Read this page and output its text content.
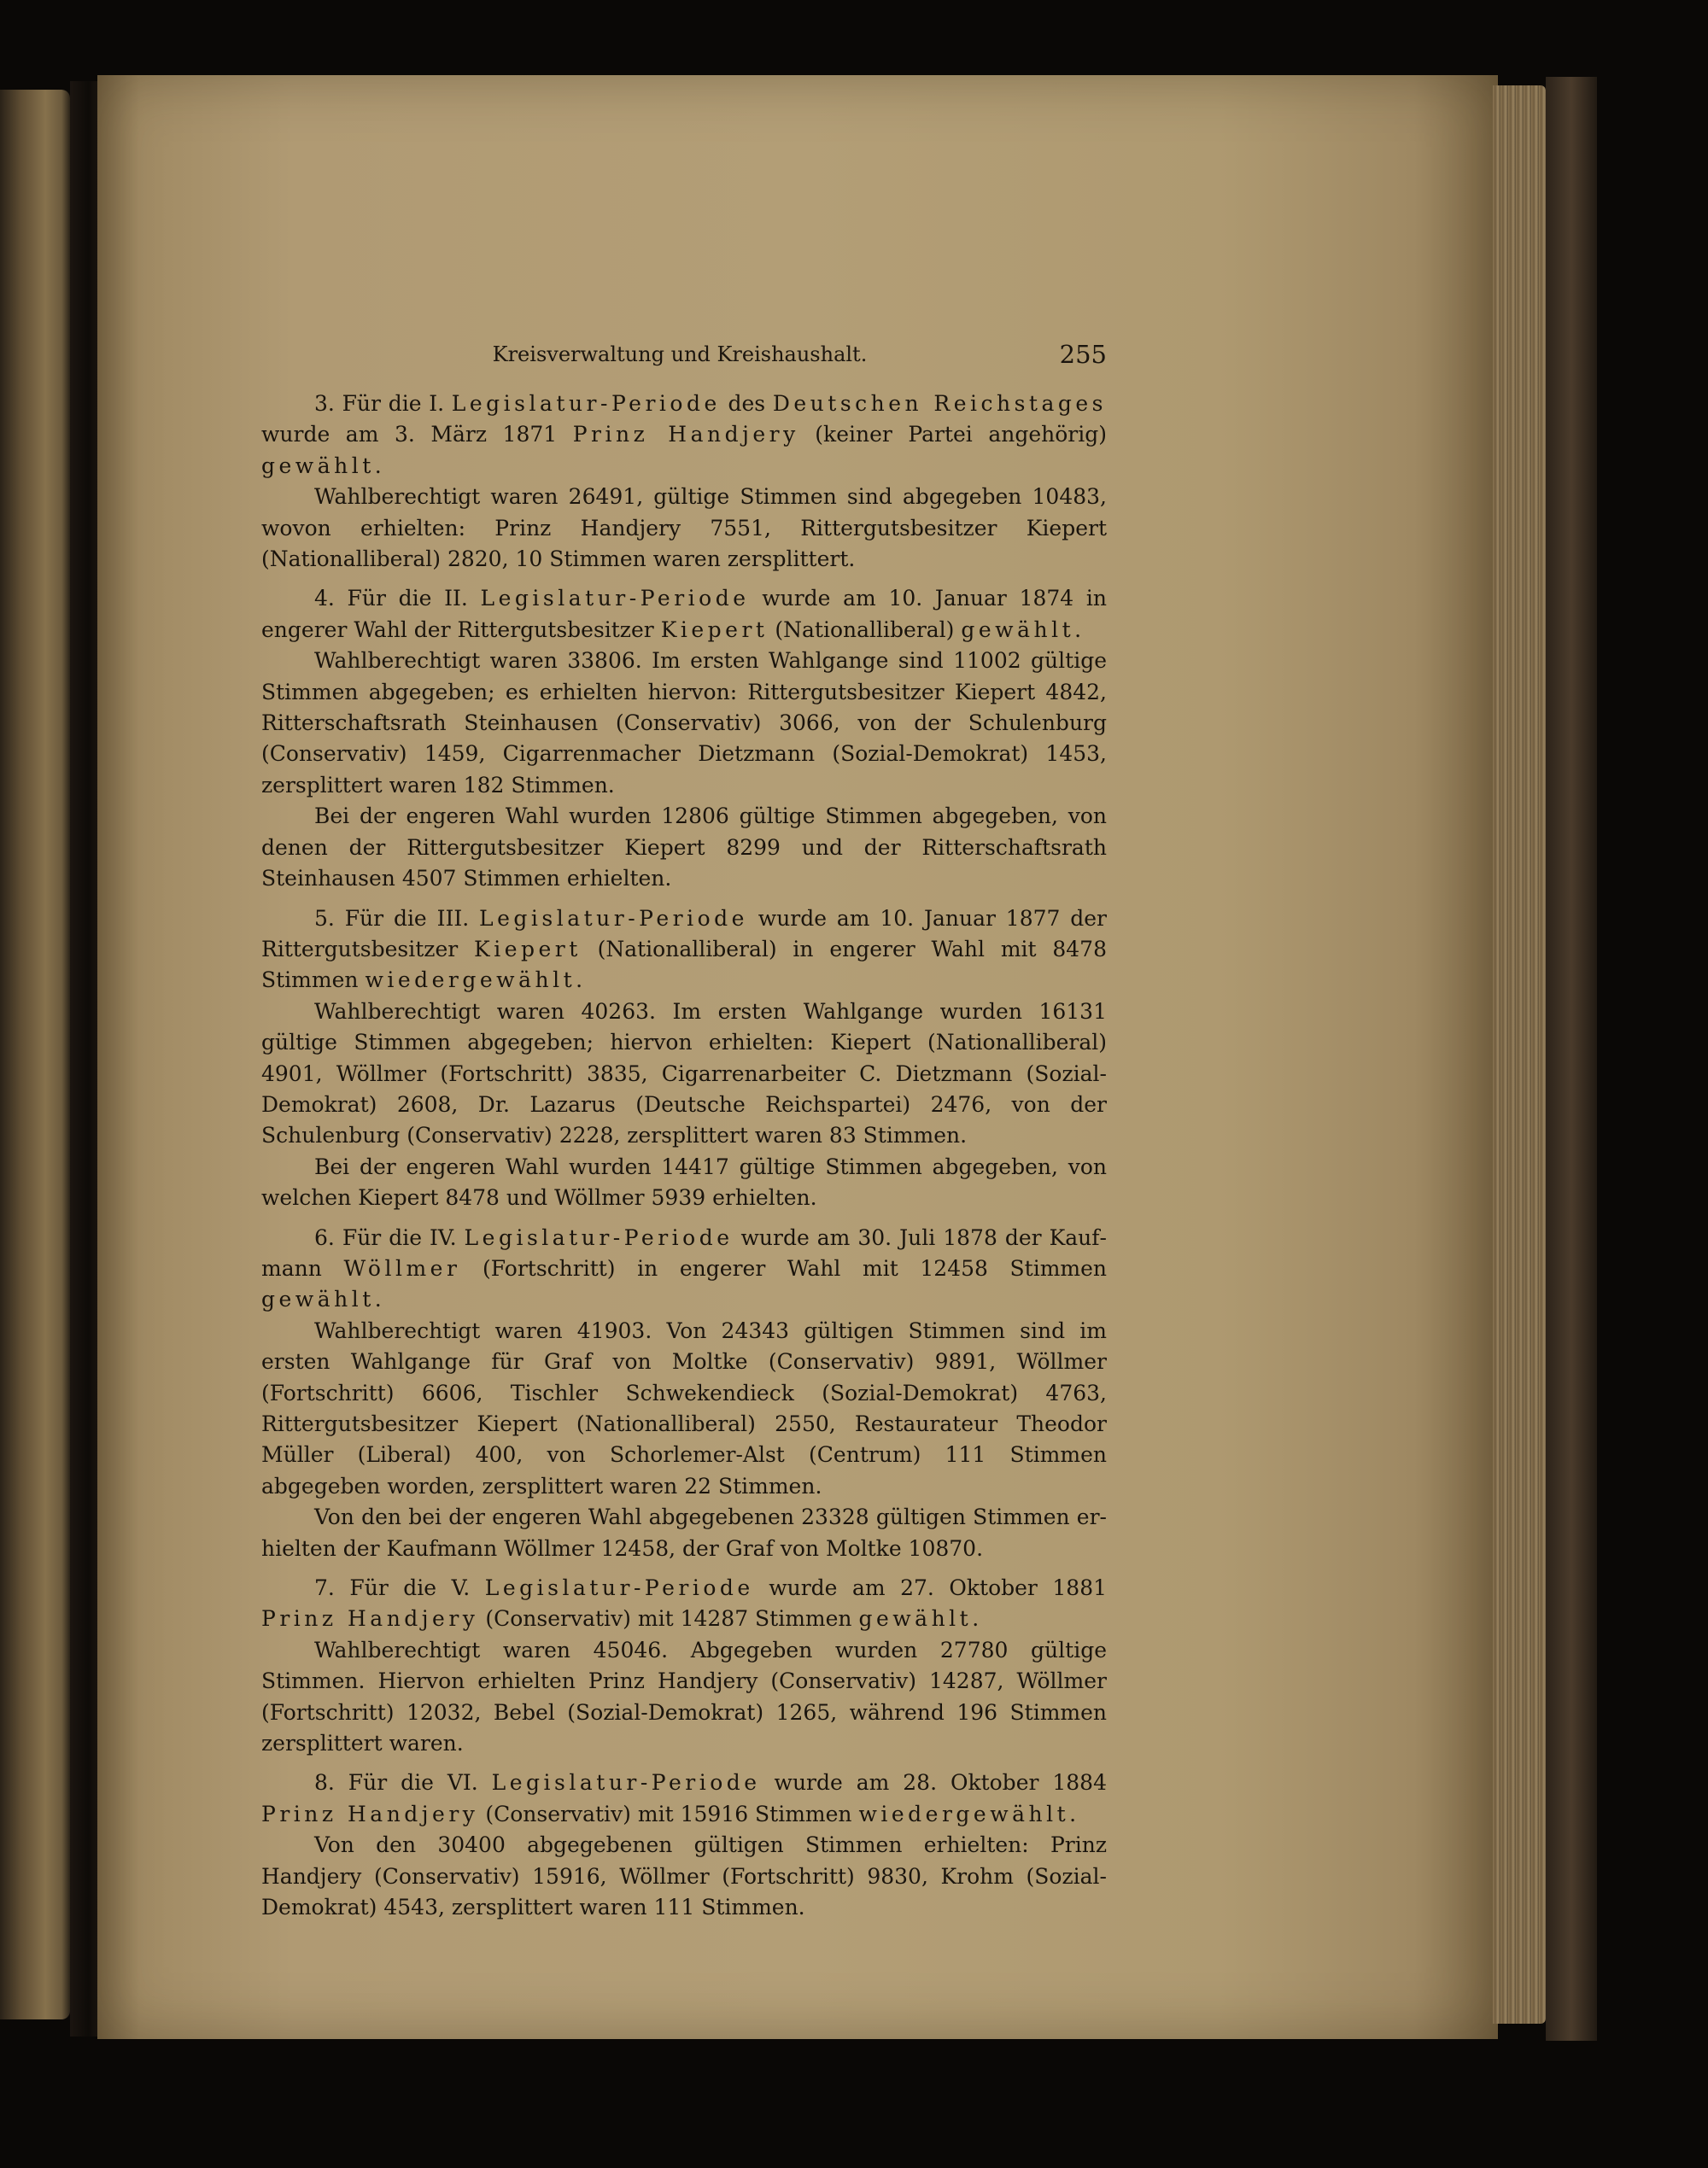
Kreisverwaltung und Kreishaushalt.	255

3. Für die I. Legislatur-Periode des Deutschen Reichstages wurde am 3. März 1871 Prinz Handjery (keiner Partei angehörig) gewählt.

Wahlberechtigt waren 26491, gültige Stimmen sind abgegeben 10483, wovon erhielten: Prinz Handjery 7551, Rittergutsbesitzer Kiepert (Nationalliberal) 2820, 10 Stimmen waren zersplittert.

4. Für die II. Legislatur-Periode wurde am 10. Januar 1874 in engerer Wahl der Rittergutsbesitzer Kiepert (Nationalliberal) gewählt.

Wahlberechtigt waren 33806. Im ersten Wahlgange sind 11002 gültige Stimmen abgegeben; es erhielten hiervon: Rittergutsbesitzer Kiepert 4842, Ritterschaftsrath Steinhausen (Conservativ) 3066, von der Schulenburg (Conservativ) 1459, Cigarrenmacher Dietzmann (Sozial-Demokrat) 1453, zersplittert waren 182 Stimmen.

Bei der engeren Wahl wurden 12806 gültige Stimmen abgegeben, von denen der Rittergutsbesitzer Kiepert 8299 und der Ritterschaftsrath Steinhausen 4507 Stimmen erhielten.

5. Für die III. Legislatur-Periode wurde am 10. Januar 1877 der Rittergutsbesitzer Kiepert (Nationalliberal) in engerer Wahl mit 8478 Stimmen wiedergewählt.

Wahlberechtigt waren 40263. Im ersten Wahlgange wurden 16131 gültige Stimmen abgegeben; hiervon erhielten: Kiepert (Nationalliberal) 4901, Wöllmer (Fortschritt) 3835, Cigarrenarbeiter C. Dietzmann (Sozial-Demokrat) 2608, Dr. Lazarus (Deutsche Reichspartei) 2476, von der Schulenburg (Conservativ) 2228, zersplittert waren 83 Stimmen.

Bei der engeren Wahl wurden 14417 gültige Stimmen abgegeben, von welchen Kiepert 8478 und Wöllmer 5939 erhielten.

6. Für die IV. Legislatur-Periode wurde am 30. Juli 1878 der Kaufmann Wöllmer (Fortschritt) in engerer Wahl mit 12458 Stimmen gewählt.

Wahlberechtigt waren 41903. Von 24343 gültigen Stimmen sind im ersten Wahlgange für Graf von Moltke (Conservativ) 9891, Wöllmer (Fortschritt) 6606, Tischler Schwekendieck (Sozial-Demokrat) 4763, Rittergutsbesitzer Kiepert (Nationalliberal) 2550, Restaurateur Theodor Müller (Liberal) 400, von Schorlemer-Alst (Centrum) 111 Stimmen abgegeben worden, zersplittert waren 22 Stimmen.

Von den bei der engeren Wahl abgegebenen 23328 gültigen Stimmen erhielten der Kaufmann Wöllmer 12458, der Graf von Moltke 10870.

7. Für die V. Legislatur-Periode wurde am 27. Oktober 1881 Prinz Handjery (Conservativ) mit 14287 Stimmen gewählt.

Wahlberechtigt waren 45046. Abgegeben wurden 27780 gültige Stimmen. Hiervon erhielten Prinz Handjery (Conservativ) 14287, Wöllmer (Fortschritt) 12032, Bebel (Sozial-Demokrat) 1265, während 196 Stimmen zersplittert waren.

8. Für die VI. Legislatur-Periode wurde am 28. Oktober 1884 Prinz Handjery (Conservativ) mit 15916 Stimmen wiedergewählt.

Von den 30400 abgegebenen gültigen Stimmen erhielten: Prinz Handjery (Conservativ) 15916, Wöllmer (Fortschritt) 9830, Krohm (Sozial-Demokrat) 4543, zersplittert waren 111 Stimmen.
